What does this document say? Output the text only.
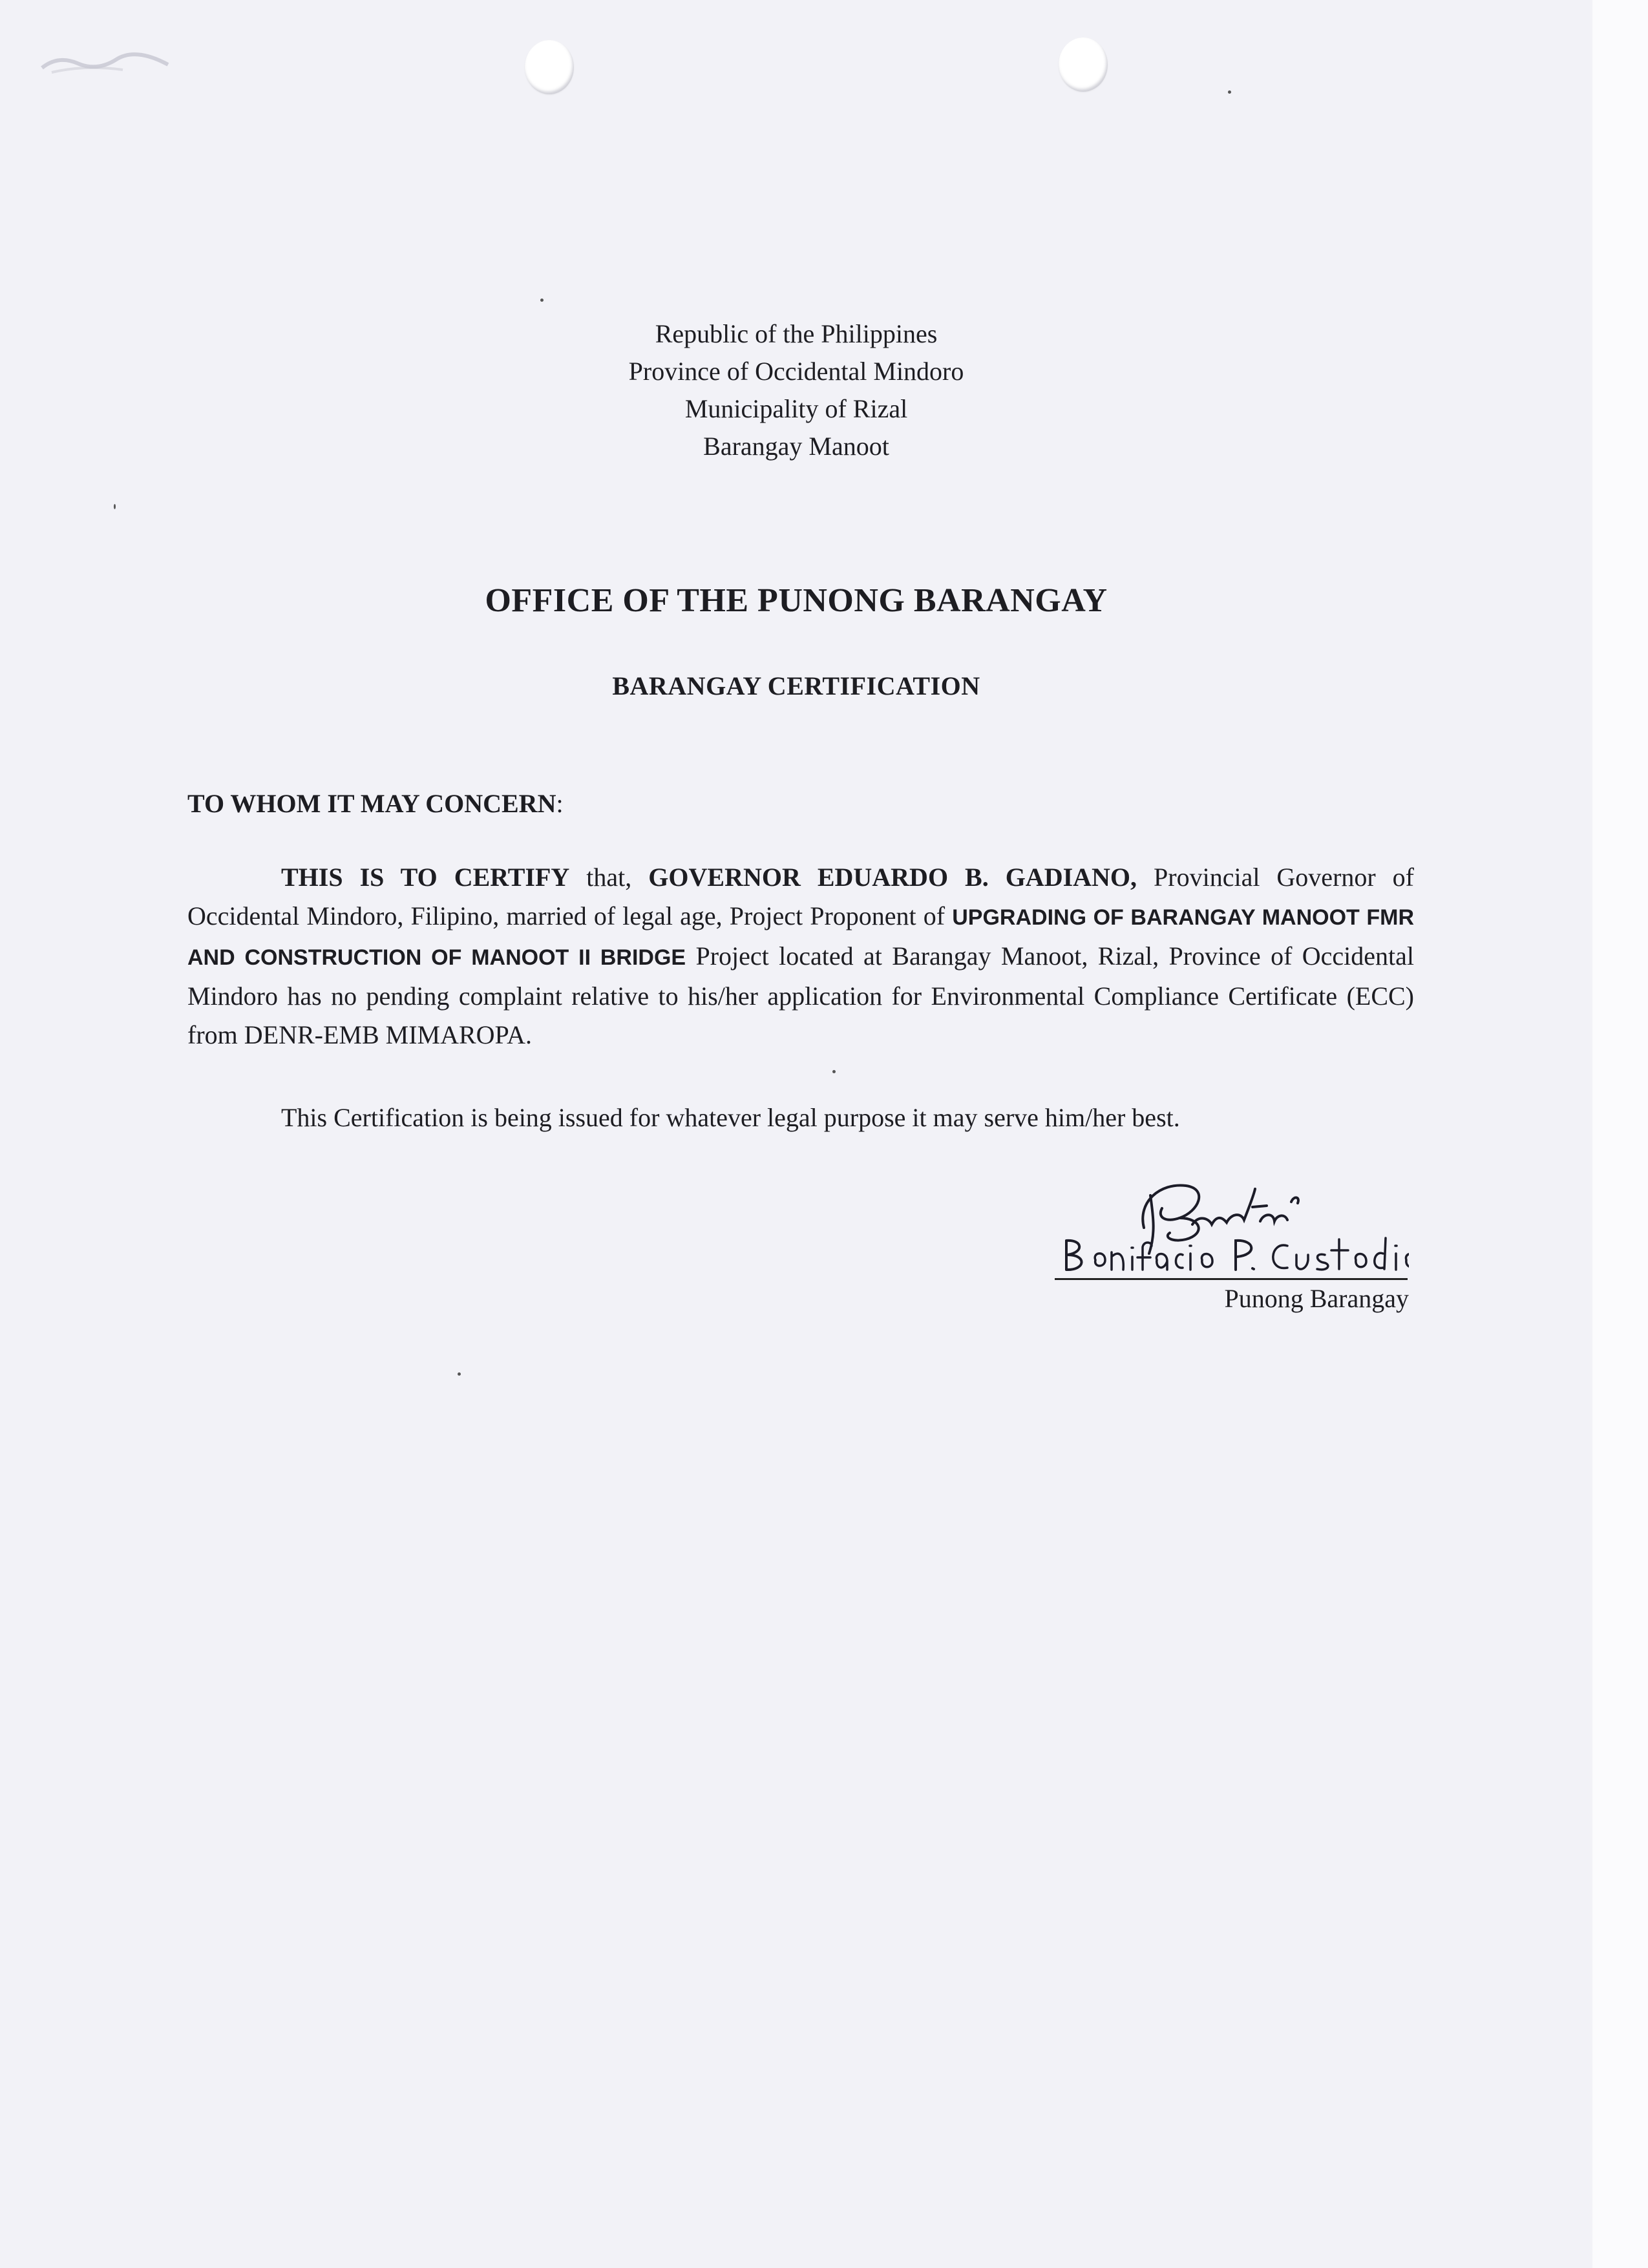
Republic of the Philippines
Province of Occidental Mindoro
Municipality of Rizal
Barangay Manoot
OFFICE OF THE PUNONG BARANGAY
BARANGAY CERTIFICATION
TO WHOM IT MAY CONCERN:
THIS IS TO CERTIFY that, GOVERNOR EDUARDO B. GADIANO, Provincial Governor of Occidental Mindoro, Filipino, married of legal age, Project Proponent of UPGRADING OF BARANGAY MANOOT FMR AND CONSTRUCTION OF MANOOT II BRIDGE Project located at Barangay Manoot, Rizal, Province of Occidental Mindoro has no pending complaint relative to his/her application for Environmental Compliance Certificate (ECC) from DENR-EMB MIMAROPA.
This Certification is being issued for whatever legal purpose it may serve him/her best.
Punong Barangay
